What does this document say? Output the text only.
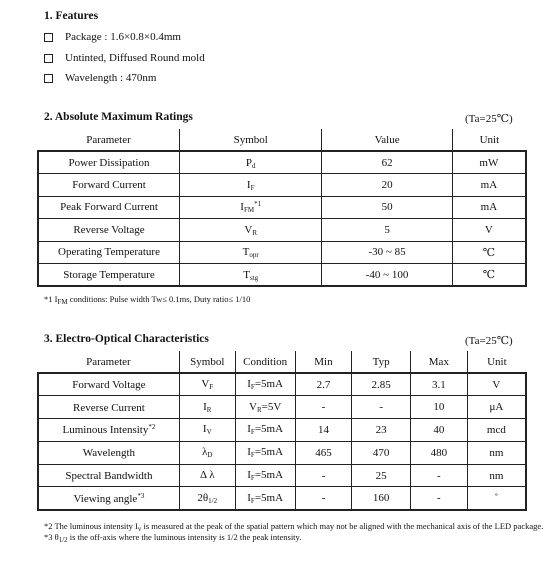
1. Features
Package : 1.6×0.8×0.4mm
Untinted, Diffused Round mold
Wavelength : 470nm
2. Absolute Maximum Ratings	(Ta=25℃)
Parameter	Symbol	Value	Unit
Power Dissipation	$P_d$	62	mW
Forward Current	$I_F$	20	mA
Peak Forward Current	$I_{FM}^{*1}$	50	mA
Reverse Voltage	$V_R$	5	V
Operating Temperature	$T_{opr}$	-30 ~ 85	℃
Storage Temperature	$T_{stg}$	-40 ~ 100	℃
*1 $I_{FM}$ conditions: Pulse width Tw≤ 0.1ms, Duty ratio≤ 1/10
3. Electro-Optical Characteristics	(Ta=25℃)
Parameter	Symbol	Condition	Min	Typ	Max	Unit
Forward Voltage	$V_F$	$I_F=5mA$	2.7	2.85	3.1	V
Reverse Current	$I_R$	$V_R=5V$	-	-	10	μA
Luminous Intensity$^{*2}$	$I_V$	$I_F=5mA$	14	23	40	mcd
Wavelength	$\lambda_D$	$I_F=5mA$	465	470	480	nm
Spectral Bandwidth	Δ λ	$I_F=5mA$	-	25	-	nm
Viewing angle$^{*3}$	$2\theta_{1/2}$	$I_F=5mA$	-	160	-	˚
*2 The luminous intensity $I_v$ is measured at the peak of the spatial pattern which may not be aligned with the mechanical axis of the LED package.
*3 $\theta_{1/2}$ is the off-axis where the luminous intensity is 1/2 the peak intensity.
